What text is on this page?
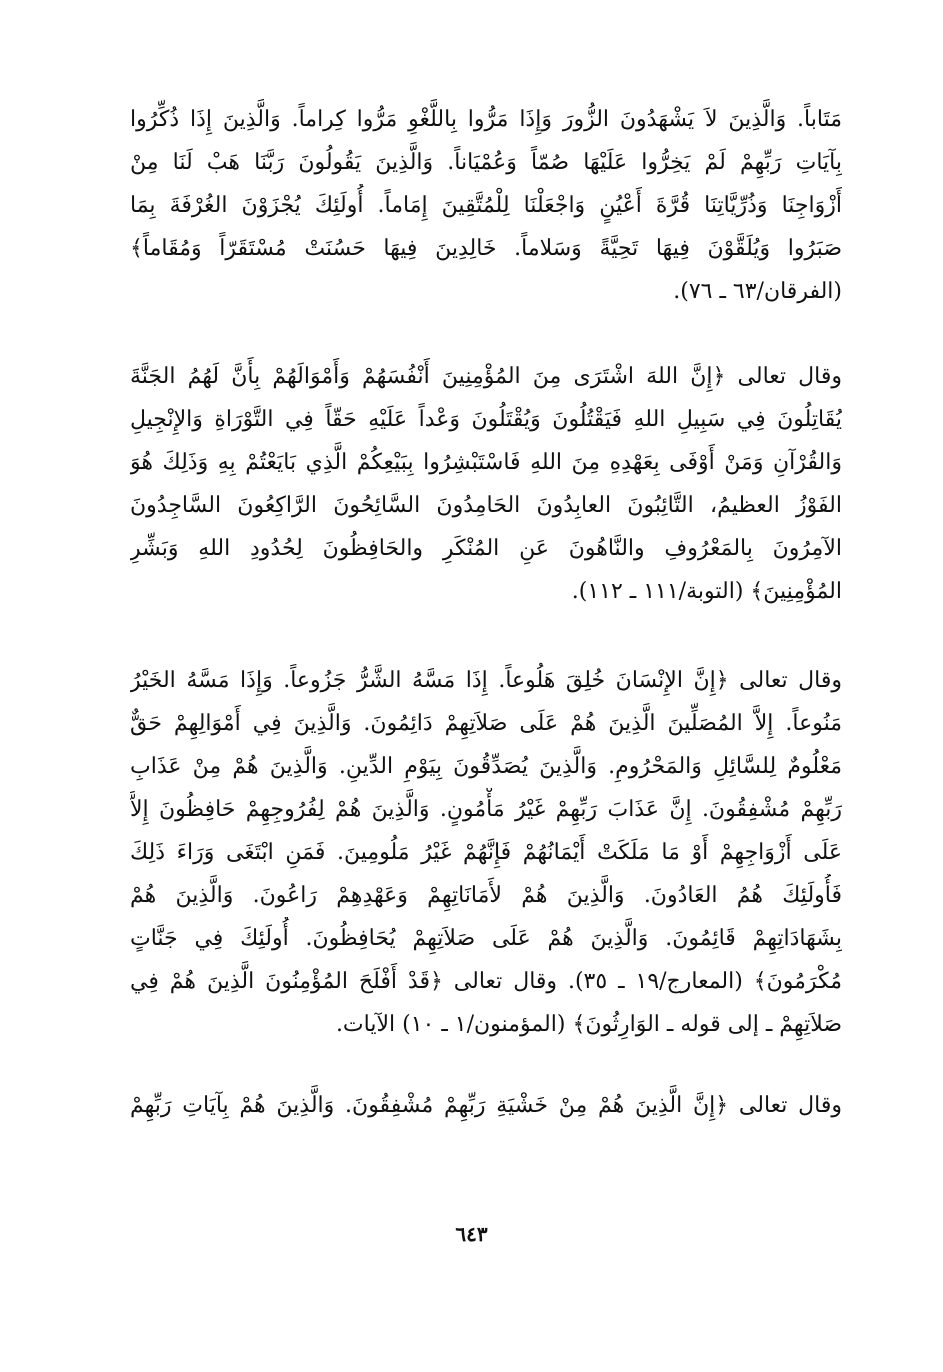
مَتَاباً. وَالَّذِينَ لاَ يَشْهَدُونَ الزُّورَ وَإِذَا مَرُّوا بِاللَّغْوِ مَرُّوا كِراماً. وَالَّذِينَ إِذَا ذُكِّرُوا
بِآيَاتِ رَبِّهِمْ لَمْ يَخِرُّوا عَلَيْهَا صُمّاً وَعُمْيَاناً. وَالَّذِينَ يَقُولُونَ رَبَّنَا هَبْ لَنَا مِنْ
أَزْوَاجِنَا وَذُرِّيَّاتِنَا قُرَّةَ أَعْيُنٍ وَاجْعَلْنَا لِلْمُتَّقِينَ إِمَاماً. أُولَئِكَ يُجْزَوْنَ الغُرْفَةَ بِمَا
صَبَرُوا وَيُلَقَّوْنَ فِيهَا تَحِيَّةً وَسَلاماً. خَالِدِينَ فِيهَا حَسُنَتْ مُسْتَقَرّاً وَمُقَاماً﴾
(الفرقان/٦٣ ـ ٧٦).
وقال تعالى ﴿إِنَّ اللهَ اشْتَرَى مِنَ المُؤْمِنِينَ أَنْفُسَهُمْ وَأَمْوَالَهُمْ بِأَنَّ لَهُمُ الجَنَّةَ
يُقَاتِلُونَ فِي سَبِيلِ اللهِ فَيَقْتُلُونَ وَيُقْتَلُونَ وَعْداً عَلَيْهِ حَقّاً فِي التَّوْرَاةِ وَالإِنْجِيلِ
وَالقُرْآنِ وَمَنْ أَوْفَى بِعَهْدِهِ مِنَ اللهِ فَاسْتَبْشِرُوا بِبَيْعِكُمْ الَّذِي بَايَعْتُمْ بِهِ وَذَلِكَ هُوَ
الفَوْزُ العظيمُ، التَّائِبُونَ العابِدُونَ الحَامِدُونَ السَّائِحُونَ الرَّاكِعُونَ السَّاجِدُونَ
الآمِرُونَ بِالمَعْرُوفِ والنَّاهُونَ عَنِ المُنْكَرِ والحَافِظُونَ لِحُدُودِ اللهِ وَبَشِّرِ
المُؤْمِنِينَ﴾ (التوبة/١١١ ـ ١١٢).
وقال تعالى ﴿إِنَّ الإِنْسَانَ خُلِقَ هَلُوعاً. إِذَا مَسَّهُ الشَّرُّ جَزُوعاً. وَإِذَا مَسَّهُ الخَيْرُ
مَنُوعاً. إِلاَّ المُصَلِّينَ الَّذِينَ هُمْ عَلَى صَلاَتِهِمْ دَائِمُونَ. وَالَّذِينَ فِي أَمْوَالِهِمْ حَقٌّ
مَعْلُومٌ لِلسَّائِلِ وَالمَحْرُومِ. وَالَّذِينَ يُصَدِّقُونَ بِيَوْمِ الدِّينِ. وَالَّذِينَ هُمْ مِنْ عَذَابِ
رَبِّهِمْ مُشْفِقُونَ. إِنَّ عَذَابَ رَبِّهِمْ غَيْرُ مَأْمُونٍ. وَالَّذِينَ هُمْ لِفُرُوجِهِمْ حَافِظُونَ إِلاَّ
عَلَى أَزْوَاجِهِمْ أَوْ مَا مَلَكَتْ أَيْمَانُهُمْ فَإِنَّهُمْ غَيْرُ مَلُومِينَ. فَمَنِ ابْتَغَى وَرَاءَ ذَلِكَ
فَأُولَئِكَ هُمُ العَادُونَ. وَالَّذِينَ هُمْ لأَمَانَاتِهِمْ وَعَهْدِهِمْ رَاعُونَ. وَالَّذِينَ هُمْ
بِشَهَادَاتِهِمْ قَائِمُونَ. وَالَّذِينَ هُمْ عَلَى صَلاَتِهِمْ يُحَافِظُونَ. أُولَئِكَ فِي جَنَّاتٍ
مُكْرَمُونَ﴾ (المعارج/١٩ ـ ٣٥). وقال تعالى ﴿قَدْ أَفْلَحَ المُؤْمِنُونَ الَّذِينَ هُمْ فِي
صَلاَتِهِمْ ـ إلى قوله ـ الوَارِثُونَ﴾ (المؤمنون/١ ـ ١٠) الآيات.
وقال تعالى ﴿إِنَّ الَّذِينَ هُمْ مِنْ خَشْيَةِ رَبِّهِمْ مُشْفِقُونَ. وَالَّذِينَ هُمْ بِآيَاتِ رَبِّهِمْ
٦٤٣
